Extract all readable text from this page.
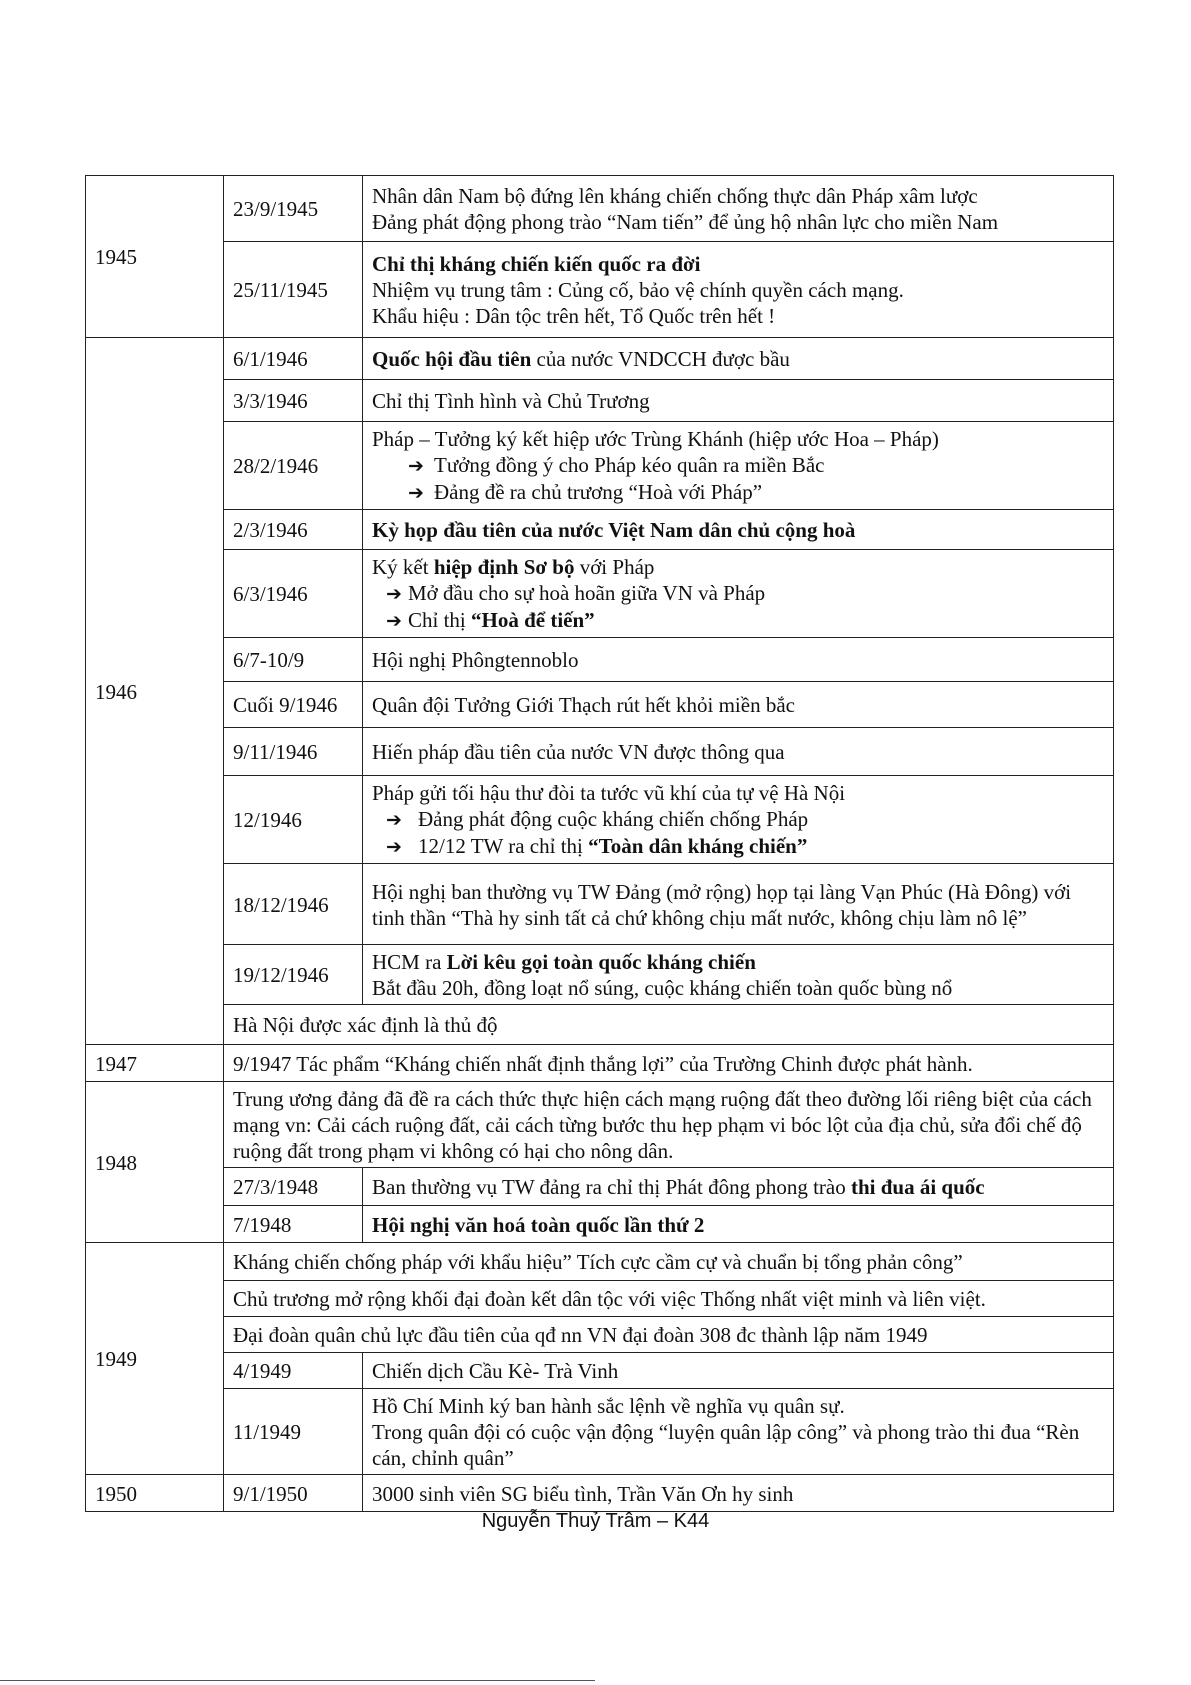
1945	23/9/1945	Nhân dân Nam bộ đứng lên kháng chiến chống thực dân Pháp xâm lược
Đảng phát động phong trào “Nam tiến” để ủng hộ nhân lực cho miền Nam

	25/11/1945	Chỉ thị kháng chiến kiến quốc ra đời
Nhiệm vụ trung tâm : Củng cố, bảo vệ chính quyền cách mạng.
Khẩu hiệu : Dân tộc trên hết, Tổ Quốc trên hết !

1946	6/1/1946	Quốc hội đầu tiên của nước VNDCCH được bầu
	3/3/1946	Chỉ thị Tình hình và Chủ Trương
	28/2/1946	Pháp – Tưởng ký kết hiệp ước Trùng Khánh (hiệp ước Hoa – Pháp)
➔ Tưởng đồng ý cho Pháp kéo quân ra miền Bắc
➔ Đảng đề ra chủ trương “Hoà với Pháp”

	2/3/1946	Kỳ họp đầu tiên của nước Việt Nam dân chủ cộng hoà
	6/3/1946	Ký kết hiệp định Sơ bộ với Pháp
➔ Mở đầu cho sự hoà hoãn giữa VN và Pháp
➔ Chỉ thị “Hoà để tiến”

	6/7-10/9	Hội nghị Phôngtennoblo
	Cuối 9/1946	Quân đội Tưởng Giới Thạch rút hết khỏi miền bắc
	9/11/1946	Hiến pháp đầu tiên của nước VN được thông qua
	12/1946	Pháp gửi tối hậu thư đòi ta tước vũ khí của tự vệ Hà Nội
➔ Đảng phát động cuộc kháng chiến chống Pháp
➔ 12/12 TW ra chỉ thị “Toàn dân kháng chiến”

	18/12/1946	Hội nghị ban thường vụ TW Đảng (mở rộng) họp tại làng Vạn Phúc (Hà Đông) với tinh thần “Thà hy sinh tất cả chứ không chịu mất nước, không chịu làm nô lệ”

	19/12/1946	HCM ra Lời kêu gọi toàn quốc kháng chiến
Bắt đầu 20h, đồng loạt nổ súng, cuộc kháng chiến toàn quốc bùng nổ

	Hà Nội được xác định là thủ độ	
1947	9/1947 Tác phẩm “Kháng chiến nhất định thắng lợi” của Trường Chinh được phát hành.	
1948	Trung ương đảng đã đề ra cách thức thực hiện cách mạng ruộng đất theo đường lối riêng biệt của cách mạng vn: Cải cách ruộng đất, cải cách từng bước thu hẹp phạm vi bóc lột của địa chủ, sửa đổi chế độ ruộng đất trong phạm vi không có hại cho nông dân.	

	27/3/1948	Ban thường vụ TW đảng ra chỉ thị Phát đông phong trào thi đua ái quốc
	7/1948	Hội nghị văn hoá toàn quốc lần thứ 2
1949	Kháng chiến chống pháp với khẩu hiệu” Tích cực cầm cự và chuẩn bị tổng phản công”	
	Chủ trương mở rộng khối đại đoàn kết dân tộc với việc Thống nhất việt minh và liên việt.	
	Đại đoàn quân chủ lực đầu tiên của qđ nn VN đại đoàn 308 đc thành lập năm 1949	
	4/1949	Chiến dịch Cầu Kè- Trà Vinh
	11/1949	Hồ Chí Minh ký ban hành sắc lệnh về nghĩa vụ quân sự.
Trong quân đội có cuộc vận động “luyện quân lập công” và phong trào thi đua “Rèn cán, chỉnh quân”

1950	9/1/1950	3000 sinh viên SG biểu tình, Trần Văn Ơn hy sinh
Nguyễn Thuỷ Trâm – K44
